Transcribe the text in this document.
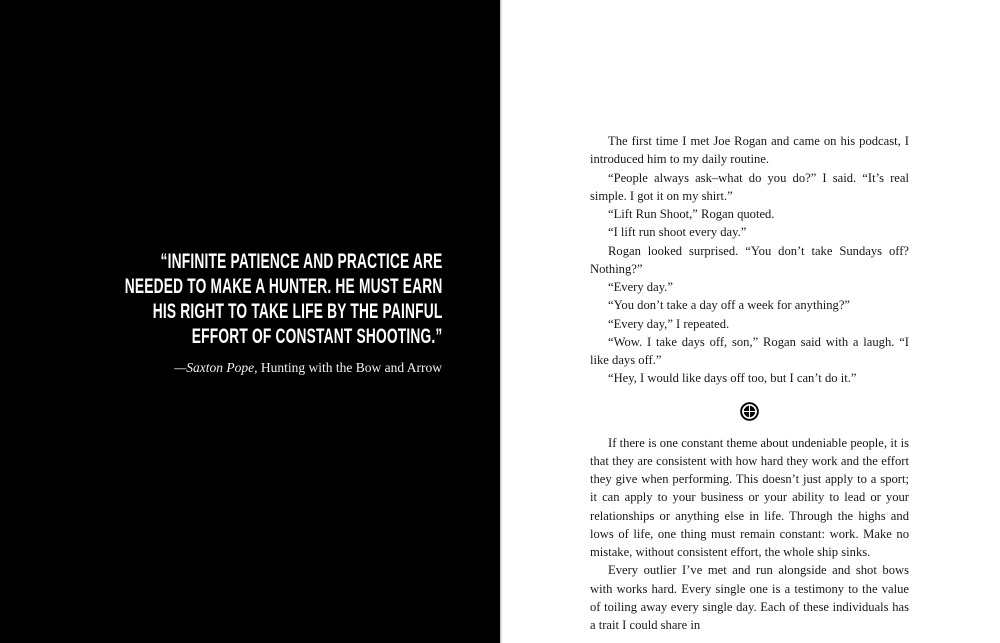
“INFINITE PATIENCE AND PRACTICE ARE
NEEDED TO MAKE A HUNTER. HE MUST EARN
HIS RIGHT TO TAKE LIFE BY THE PAINFUL
EFFORT OF CONSTANT SHOOTING.”
—Saxton Pope, Hunting with the Bow and Arrow

The first time I met Joe Rogan and came on his podcast, I introduced him to my daily routine.

“People always ask–what do you do?” I said. “It’s real simple. I got it on my shirt.”

“Lift Run Shoot,” Rogan quoted.

“I lift run shoot every day.”

Rogan looked surprised. “You don’t take Sundays off? Nothing?”

“Every day.”

“You don’t take a day off a week for anything?”

“Every day,” I repeated.

“Wow. I take days off, son,” Rogan said with a laugh. “I like days off.”

“Hey, I would like days off too, but I can’t do it.”

If there is one constant theme about undeniable people, it is that they are consistent with how hard they work and the effort they give when performing. This doesn’t just apply to a sport; it can apply to your business or your ability to lead or your relationships or anything else in life. Through the highs and lows of life, one thing must remain constant: work. Make no mistake, without consistent effort, the whole ship sinks.

Every outlier I’ve met and run alongside and shot bows with works hard. Every single one is a testimony to the value of toiling away every single day. Each of these individuals has a trait I could share in
